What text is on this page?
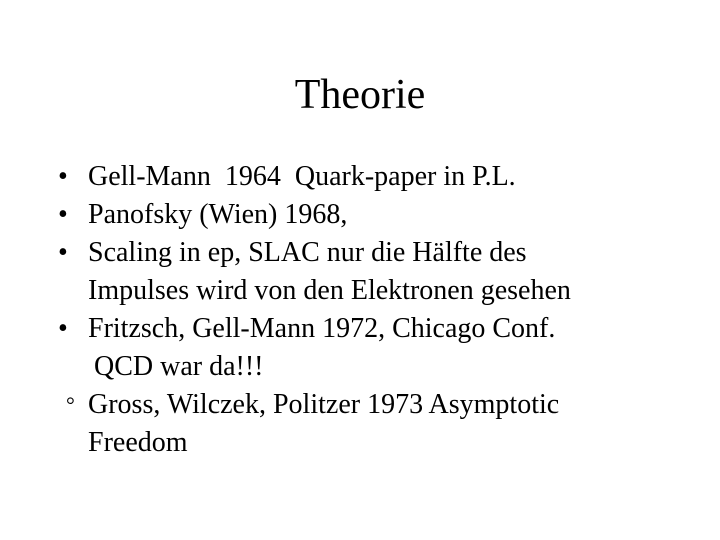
Theorie

•

Gell-Mann  1964  Quark-paper in P.L.

•

Panofsky (Wien) 1968,

•

Scaling in ep, SLAC nur die Hälfte des

Impulses wird von den Elektronen gesehen

•

Fritzsch, Gell-Mann 1972, Chicago Conf.

QCD war da!!!

°

Gross, Wilczek, Politzer 1973 Asymptotic

Freedom
